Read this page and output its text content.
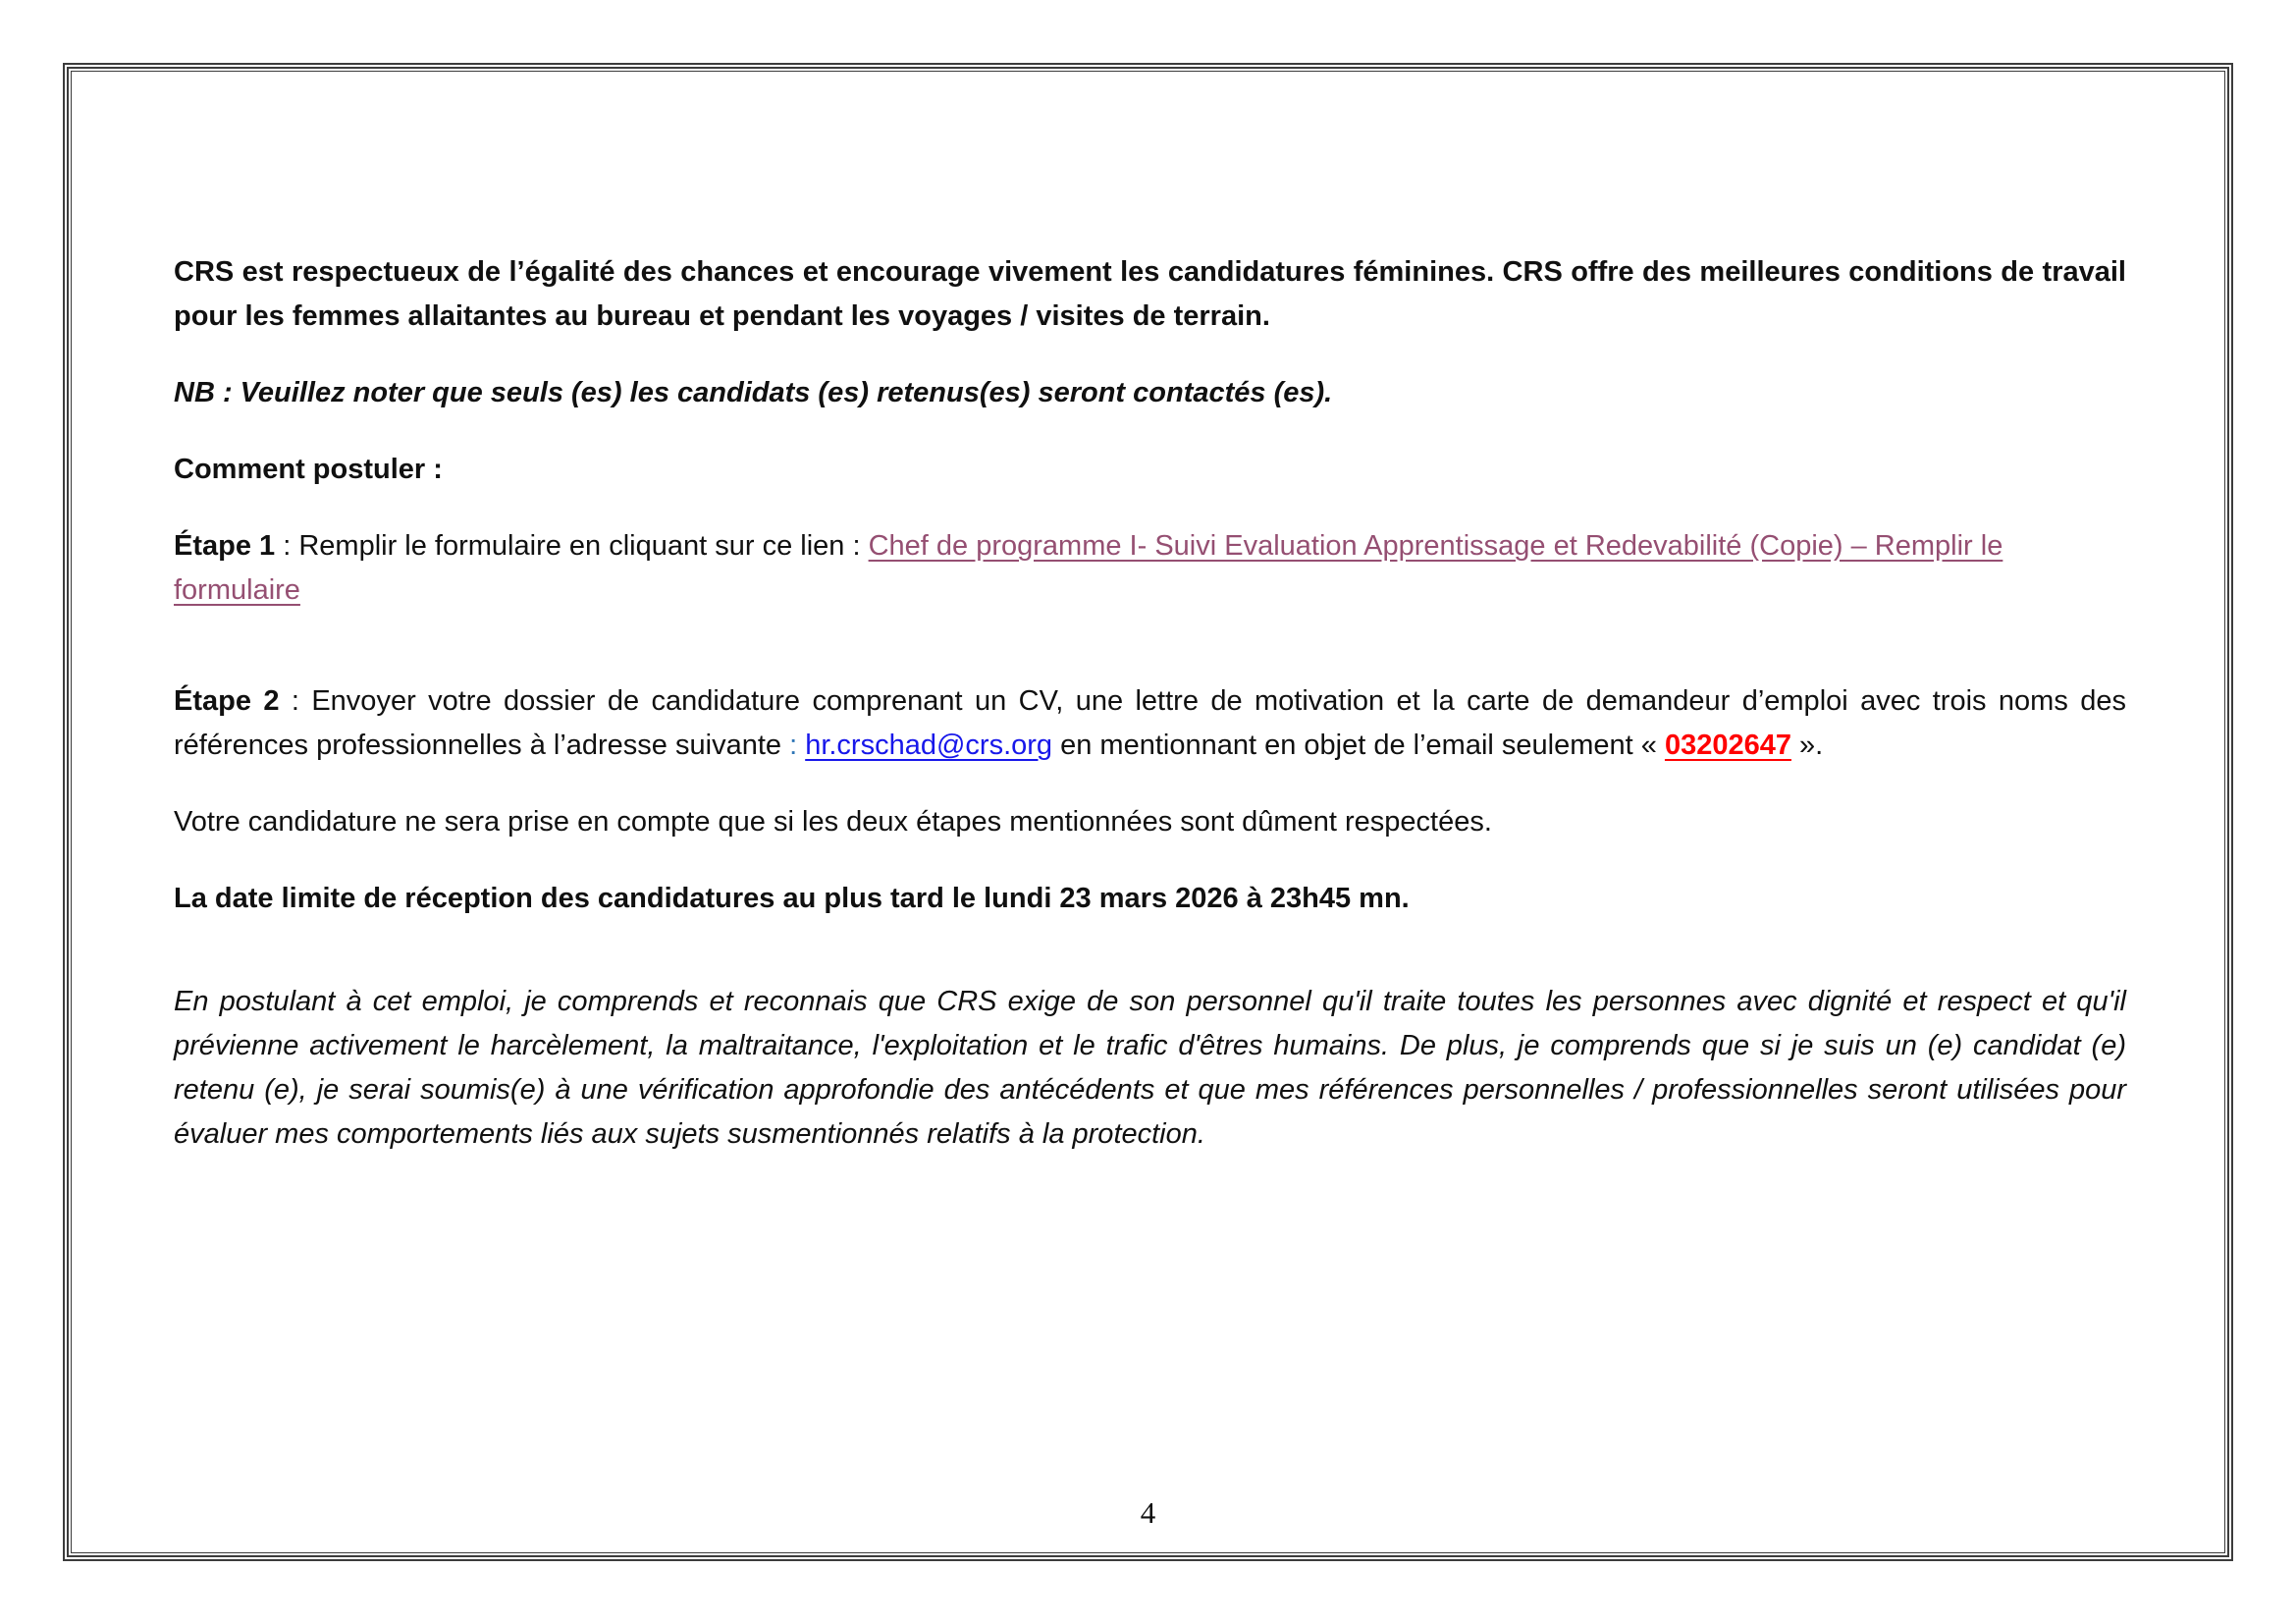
CRS est respectueux de l’égalité des chances et encourage vivement les candidatures féminines. CRS offre des meilleures conditions de travail pour les femmes allaitantes au bureau et pendant les voyages / visites de terrain.

NB : Veuillez noter que seuls (es) les candidats (es) retenus(es) seront contactés (es).

Comment postuler :

Étape 1 : Remplir le formulaire en cliquant sur ce lien : Chef de programme I- Suivi Evaluation Apprentissage et Redevabilité (Copie) – Remplir le formulaire

Étape 2 : Envoyer votre dossier de candidature comprenant un CV, une lettre de motivation et la carte de demandeur d’emploi avec trois noms des références professionnelles à l’adresse suivante : hr.crschad@crs.org en mentionnant en objet de l’email seulement « 03202647 ».

Votre candidature ne sera prise en compte que si les deux étapes mentionnées sont dûment respectées.

La date limite de réception des candidatures au plus tard le lundi 23 mars 2026 à 23h45 mn.

En postulant à cet emploi, je comprends et reconnais que CRS exige de son personnel qu'il traite toutes les personnes avec dignité et respect et qu'il prévienne activement le harcèlement, la maltraitance, l'exploitation et le trafic d'êtres humains. De plus, je comprends que si je suis un (e) candidat (e) retenu (e), je serai soumis(e) à une vérification approfondie des antécédents et que mes références personnelles / professionnelles seront utilisées pour évaluer mes comportements liés aux sujets susmentionnés relatifs à la protection.

4
